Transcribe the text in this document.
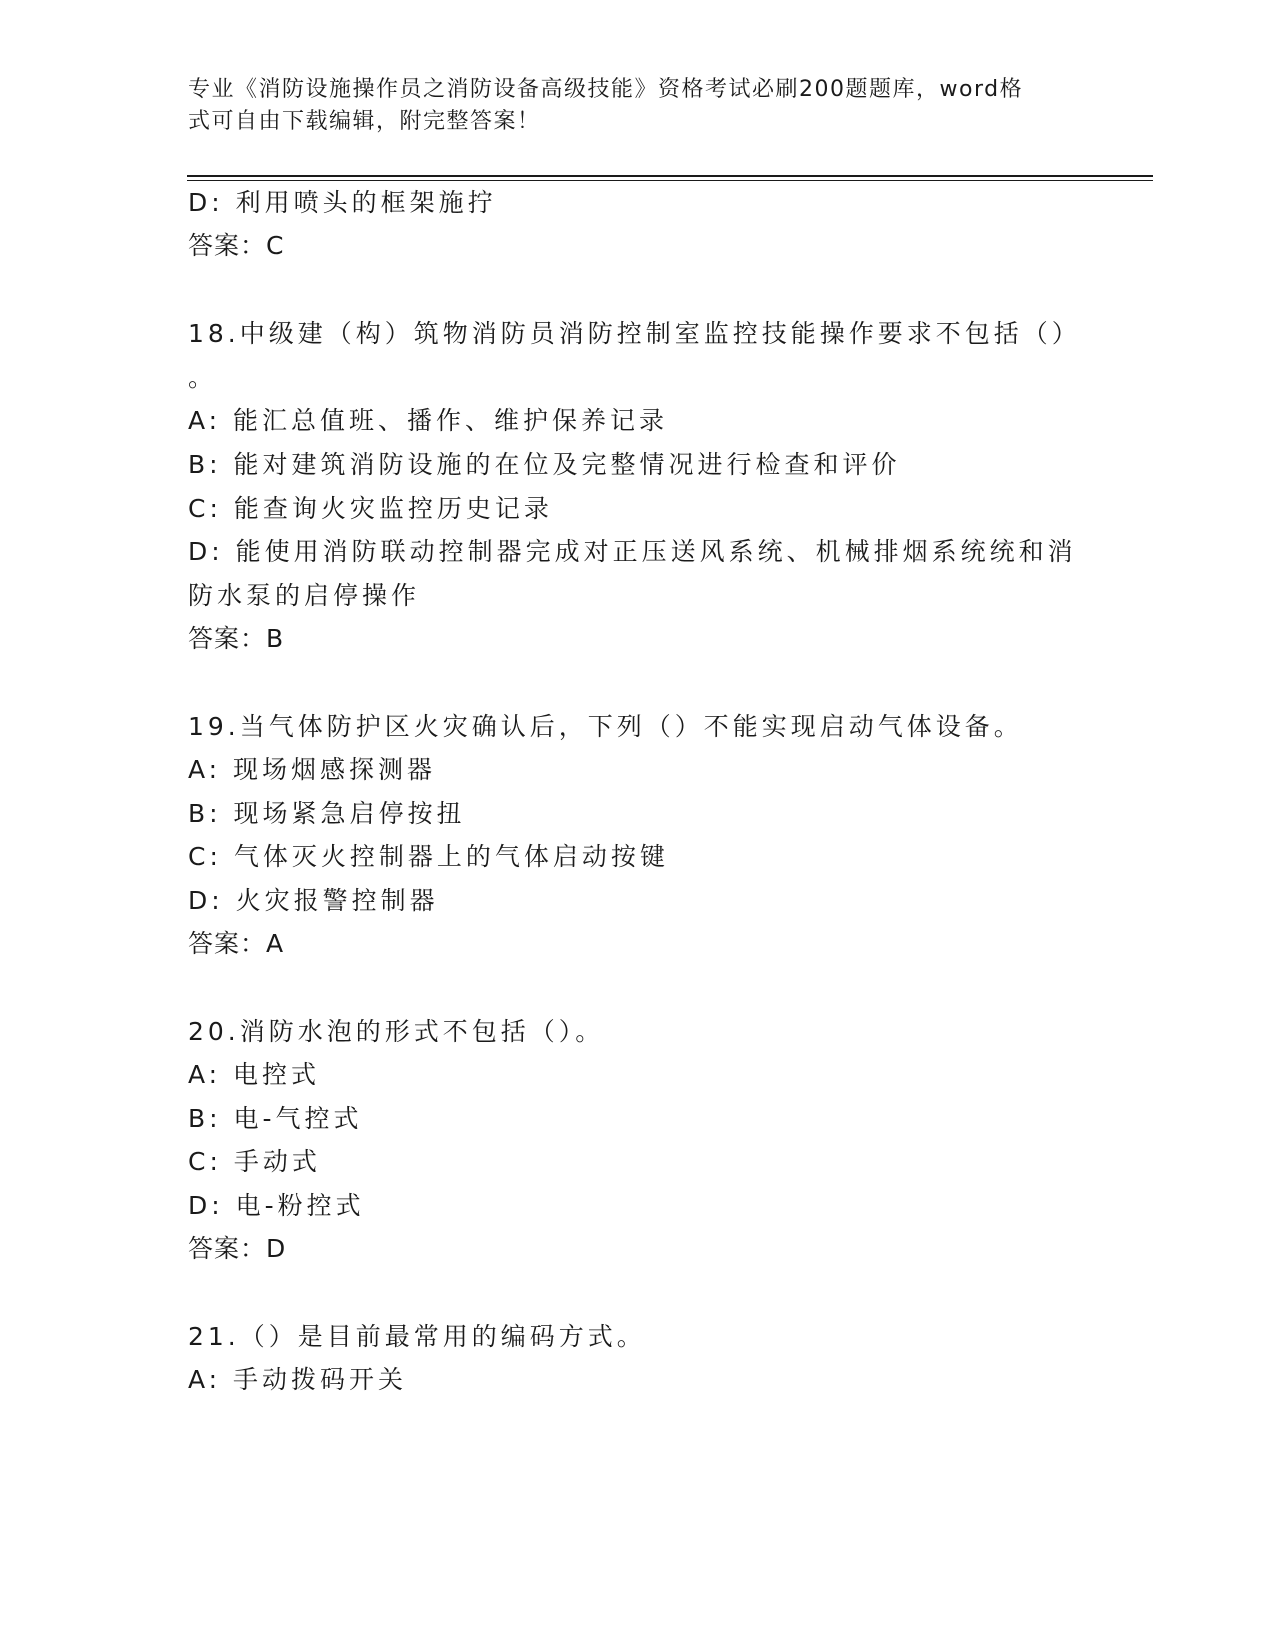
专业《消防设施操作员之消防设备高级技能》资格考试必刷200题题库，word格
式可自由下载编辑，附完整答案！
D: 利用喷头的框架施拧
答案：C
18.中级建（构）筑物消防员消防控制室监控技能操作要求不包括（）
。
A: 能汇总值班、播作、维护保养记录
B: 能对建筑消防设施的在位及完整情况进行检查和评价
C: 能查询火灾监控历史记录
D: 能使用消防联动控制器完成对正压送风系统、机械排烟系统统和消
防水泵的启停操作
答案：B
19.当气体防护区火灾确认后，下列（）不能实现启动气体设备。
A: 现场烟感探测器
B: 现场紧急启停按扭
C: 气体灭火控制器上的气体启动按键
D: 火灾报警控制器
答案：A
20.消防水泡的形式不包括（）。
A: 电控式
B: 电-气控式
C: 手动式
D: 电-粉控式
答案：D
21.（）是目前最常用的编码方式。
A: 手动拨码开关
